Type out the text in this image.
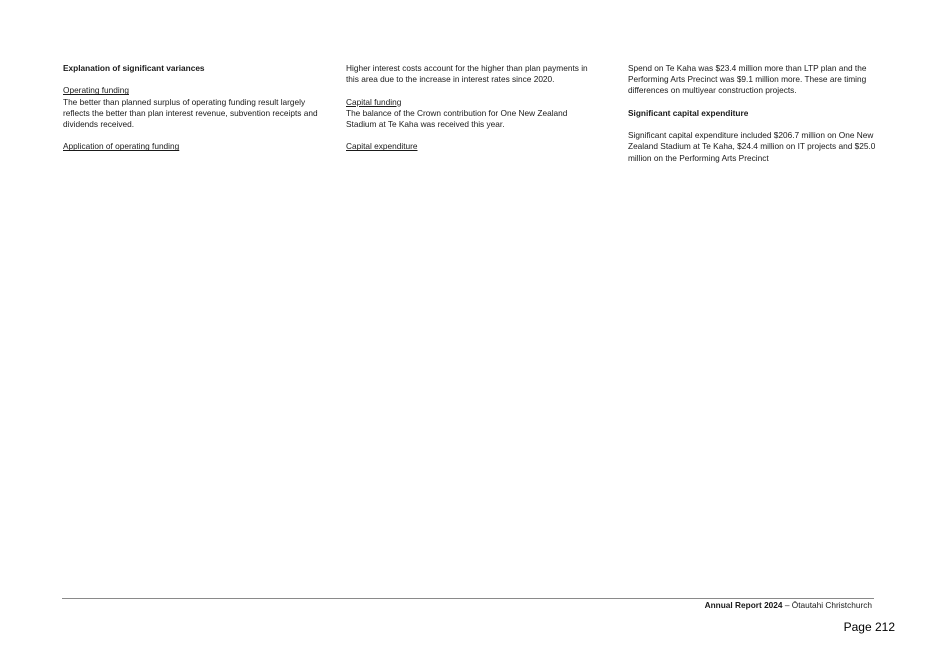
Explanation of significant variances

Operating funding

The better than planned surplus of operating funding result largely reflects the better than plan interest revenue, subvention receipts and dividends received.

Application of operating funding

Higher interest costs account for the higher than plan payments in this area due to the increase in interest rates since 2020.

Capital funding

The balance of the Crown contribution for One New Zealand Stadium at Te Kaha was received this year.

Capital expenditure

Spend on Te Kaha was $23.4 million more than LTP plan and the Performing Arts Precinct was $9.1 million more. These are timing differences on multiyear construction projects.

Significant capital expenditure

Significant capital expenditure included $206.7 million on One New Zealand Stadium at Te Kaha, $24.4 million on IT projects and $25.0 million on the Performing Arts Precinct

Annual Report 2024 – Ōtautahi Christchurch
Page 212
